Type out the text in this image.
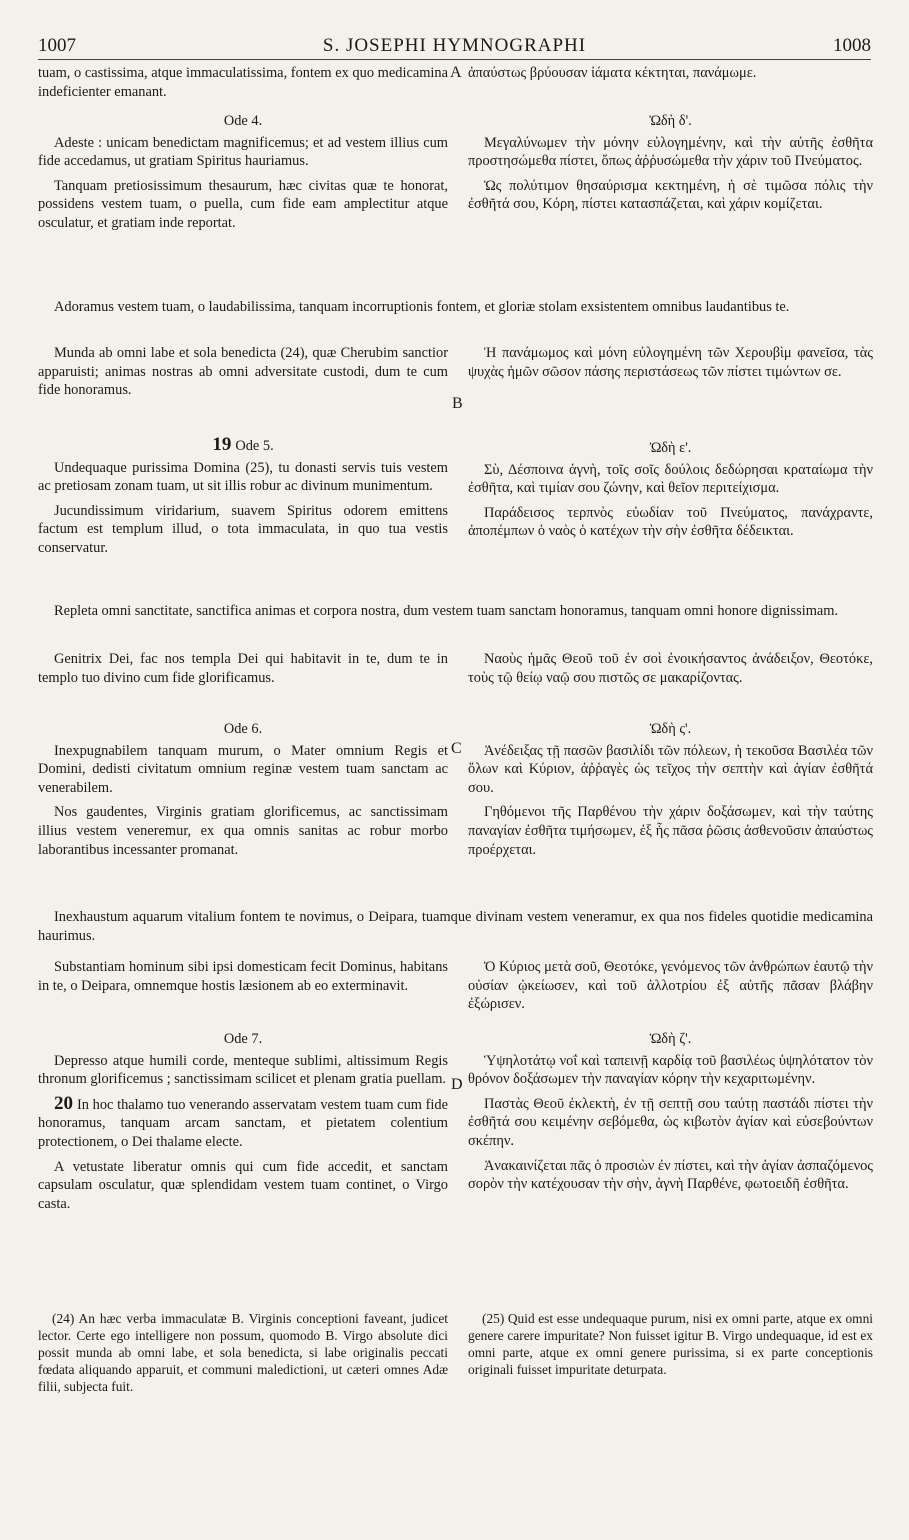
1007	S. JOSEPHI HYMNOGRAPHI	1008
A
B
C
D

tuam, o castissima, atque immaculatissima, fontem ex quo medicamina indeficienter emanant.

ἀπαύστως βρύουσαν ἰάματα κέκτηται, πανάμωμε.

Ode 4.

Adeste : unicam benedictam magnificemus; et ad vestem illius cum fide accedamus, ut gratiam Spiritus hauriamus.

Tanquam pretiosissimum thesaurum, hæc civitas quæ te honorat, possidens vestem tuam, o puella, cum fide eam amplectitur atque osculatur, et gratiam inde reportat.

Ὠδὴ δ'.

Μεγαλύνωμεν τὴν μόνην εὐλογημένην, καὶ τὴν αὐτῆς ἐσθῆτα προστησώμεθα πίστει, ὅπως ἀῤῥυσώμεθα τὴν χάριν τοῦ Πνεύματος.

Ὡς πολύτιμον θησαύρισμα κεκτημένη, ἡ σὲ τιμῶσα πόλις τὴν ἐσθῆτά σου, Κόρη, πίστει κατασπάζεται, καὶ χάριν κομίζεται.

Adoramus vestem tuam, o laudabilissima, tanquam incorruptionis fontem, et gloriæ stolam exsistentem omnibus laudantibus te.

Munda ab omni labe et sola benedicta (24), quæ Cherubim sanctior apparuisti; animas nostras ab omni adversitate custodi, dum te cum fide honoramus.

Ἡ πανάμωμος καὶ μόνη εὐλογημένη τῶν Χερουβὶμ φανεῖσα, τὰς ψυχὰς ἡμῶν σῶσον πάσης περιστάσεως τῶν πίστει τιμώντων σε.

19 Ode 5.

Undequaque purissima Domina (25), tu donasti servis tuis vestem ac pretiosam zonam tuam, ut sit illis robur ac divinum munimentum.

Jucundissimum viridarium, suavem Spiritus odorem emittens factum est templum illud, o tota immaculata, in quo tua vestis conservatur.

Ὠδὴ ε'.

Σὺ, Δέσποινα ἁγνὴ, τοῖς σοῖς δούλοις δεδώρησαι κραταίωμα τὴν ἐσθῆτα, καὶ τιμίαν σου ζώνην, καὶ θεῖον περιτείχισμα.

Παράδεισος τερπνὸς εὐωδίαν τοῦ Πνεύματος, πανάχραντε, ἀποπέμπων ὁ ναὸς ὁ κατέχων τὴν σὴν ἐσθῆτα δέδεικται.

Repleta omni sanctitate, sanctifica animas et corpora nostra, dum vestem tuam sanctam honoramus, tanquam omni honore dignissimam.

Genitrix Dei, fac nos templa Dei qui habitavit in te, dum te in templo tuo divino cum fide glorificamus.

Ναοὺς ἡμᾶς Θεοῦ τοῦ ἐν σοὶ ἐνοικήσαντος ἀνάδειξον, Θεοτόκε, τοὺς τῷ θείῳ ναῷ σου πιστῶς σε μακαρίζοντας.

Ode 6.

Inexpugnabilem tanquam murum, o Mater omnium Regis et Domini, dedisti civitatum omnium reginæ vestem tuam sanctam ac venerabilem.

Nos gaudentes, Virginis gratiam glorificemus, ac sanctissimam illius vestem veneremur, ex qua omnis sanitas ac robur morbo laborantibus incessanter promanat.

Ὠδὴ ς'.

Ἀνέδειξας τῇ πασῶν βασιλίδι τῶν πόλεων, ἡ τεκοῦσα Βασιλέα τῶν ὅλων καὶ Κύριον, ἀῤῥαγὲς ὡς τεῖχος τὴν σεπτὴν καὶ ἁγίαν ἐσθῆτά σου.

Γηθόμενοι τῆς Παρθένου τὴν χάριν δοξάσωμεν, καὶ τὴν ταύτης παναγίαν ἐσθῆτα τιμήσωμεν, ἐξ ἧς πᾶσα ῥῶσις ἀσθενοῦσιν ἀπαύστως προέρχεται.

Inexhaustum aquarum vitalium fontem te novimus, o Deipara, tuamque divinam vestem veneramur, ex qua nos fideles quotidie medicamina haurimus.

Substantiam hominum sibi ipsi domesticam fecit Dominus, habitans in te, o Deipara, omnemque hostis læsionem ab eo exterminavit.

Ὁ Κύριος μετὰ σοῦ, Θεοτόκε, γενόμενος τῶν ἀνθρώπων ἑαυτῷ τὴν οὐσίαν ᾠκείωσεν, καὶ τοῦ ἀλλοτρίου ἐξ αὐτῆς πᾶσαν βλάβην ἐξώρισεν.

Ode 7.

Depresso atque humili corde, menteque sublimi, altissimum Regis thronum glorificemus ; sanctissimam scilicet et plenam gratia puellam.

20 In hoc thalamo tuo venerando asservatam vestem tuam cum fide honoramus, tanquam arcam sanctam, et pietatem colentium protectionem, o Dei thalame electe.

A vetustate liberatur omnis qui cum fide accedit, et sanctam capsulam osculatur, quæ splendidam vestem tuam continet, o Virgo casta.

Ὠδὴ ζ'.

Ὑψηλοτάτῳ νοΐ καὶ ταπεινῇ καρδίᾳ τοῦ βασιλέως ὑψηλότατον τὸν θρόνον δοξάσωμεν τὴν παναγίαν κόρην τὴν κεχαριτωμένην.

Παστὰς Θεοῦ ἐκλεκτὴ, ἐν τῇ σεπτῇ σου ταύτῃ παστάδι πίστει τὴν ἐσθῆτά σου κειμένην σεβόμεθα, ὡς κιβωτὸν ἁγίαν καὶ εὐσεβούντων σκέπην.

Ἀνακαινίζεται πᾶς ὁ προσιὼν ἐν πίστει, καὶ τὴν ἁγίαν ἀσπαζόμενος σορὸν τὴν κατέχουσαν τὴν σὴν, ἁγνὴ Παρθένε, φωτοειδῆ ἐσθῆτα.

(24) An hæc verba immaculatæ B. Virginis conceptioni faveant, judicet lector. Certe ego intelligere non possum, quomodo B. Virgo absolute dici possit munda ab omni labe, et sola benedicta, si labe originalis peccati fœdata aliquando apparuit, et communi maledictioni, ut cæteri omnes Adæ filii, subjecta fuit.

(25) Quid est esse undequaque purum, nisi ex omni parte, atque ex omni genere carere impuritate? Non fuisset igitur B. Virgo undequaque, id est ex omni parte, atque ex omni genere purissima, si ex parte conceptionis originali fuisset impuritate deturpata.
